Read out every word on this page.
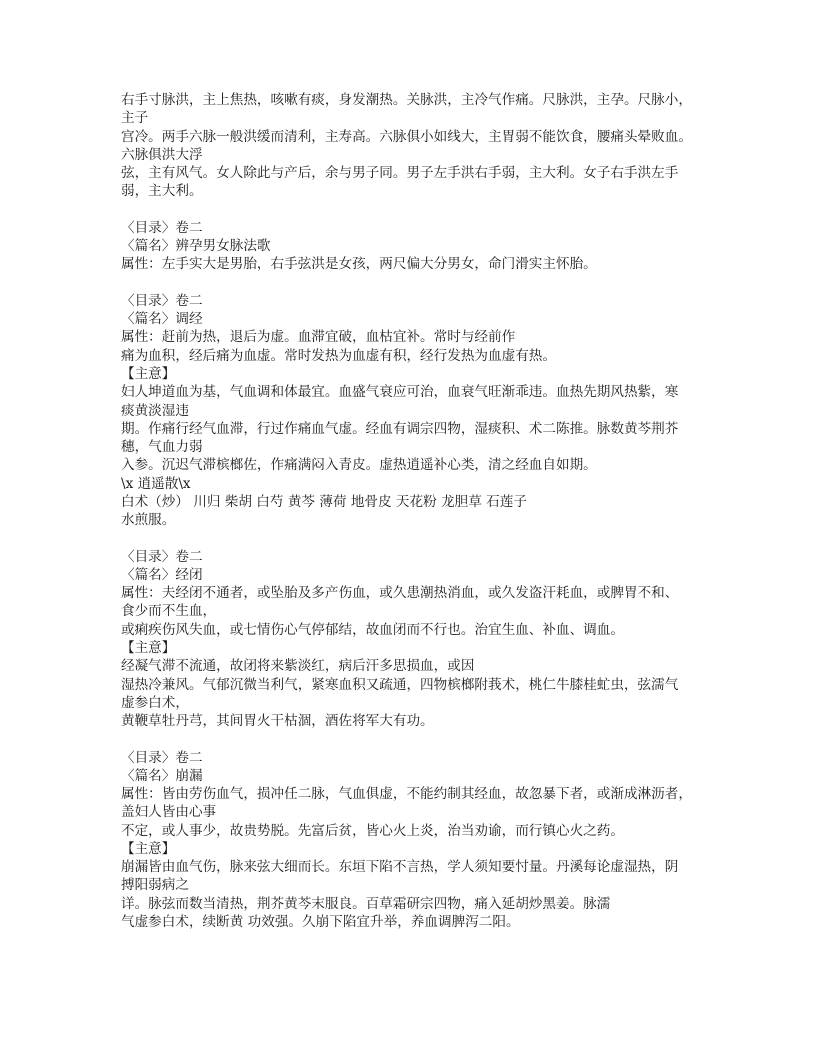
右手寸脉洪，主上焦热，咳嗽有痰，身发潮热。关脉洪，主冷气作痛。尺脉洪，主孕。尺脉小，
主子
宫冷。两手六脉一般洪缓而清利，主寿高。六脉俱小如线大，主胃弱不能饮食，腰痛头晕败血。
六脉俱洪大浮
弦，主有风气。女人除此与产后，余与男子同。男子左手洪右手弱，主大利。女子右手洪左手
弱，主大利。
〈目录〉卷二
〈篇名〉辨孕男女脉法歌
属性：左手实大是男胎，右手弦洪是女孩，两尺偏大分男女，命门滑实主怀胎。
〈目录〉卷二
〈篇名〉调经
属性：赶前为热，退后为虚。血滞宜破，血枯宜补。常时与经前作
痛为血积，经后痛为血虚。常时发热为血虚有积，经行发热为血虚有热。
【主意】
妇人坤道血为基，气血调和体最宜。血盛气衰应可治，血衰气旺渐乖违。血热先期风热紫，寒
痰黄淡湿违
期。作痛行经气血滞，行过作痛血气虚。经血有调宗四物，湿痰积、术二陈推。脉数黄芩荆芥
穗，气血力弱
入参。沉迟气滞槟榔佐，作痛满闷入青皮。虚热逍遥补心类，清之经血自如期。
\x 逍遥散\x
白术（炒） 川归 柴胡 白芍 黄芩 薄荷 地骨皮 天花粉 龙胆草 石莲子
水煎服。
〈目录〉卷二
〈篇名〉经闭
属性：夫经闭不通者，或坠胎及多产伤血，或久患潮热消血，或久发盗汗耗血，或脾胃不和、
食少而不生血，
或痢疾伤风失血，或七情伤心气停郁结，故血闭而不行也。治宜生血、补血、调血。
【主意】
经凝气滞不流通，故闭将来紫淡红，病后汗多思损血，或因
湿热冷兼风。气郁沉微当利气，紧寒血积又疏通，四物槟榔附莪术，桃仁牛膝桂虻虫，弦濡气
虚参白术，
黄鞭草牡丹芎，其间胃火干枯涸，酒佐将军大有功。
〈目录〉卷二
〈篇名〉崩漏
属性：皆由劳伤血气，损冲任二脉，气血俱虚，不能约制其经血，故忽暴下者，或渐成淋沥者，
盖妇人皆由心事
不定，或人事少，故贵势脱。先富后贫，皆心火上炎，治当劝谕，而行镇心火之药。
【主意】
崩漏皆由血气伤，脉来弦大细而长。东垣下陷不言热，学人须知要忖量。丹溪每论虚湿热，阴
搏阳弱病之
详。脉弦而数当清热，荆芥黄芩末服良。百草霜研宗四物，痛入延胡炒黑姜。脉濡
气虚参白术，续断黄 功效强。久崩下陷宜升举，养血调脾泻二阳。
